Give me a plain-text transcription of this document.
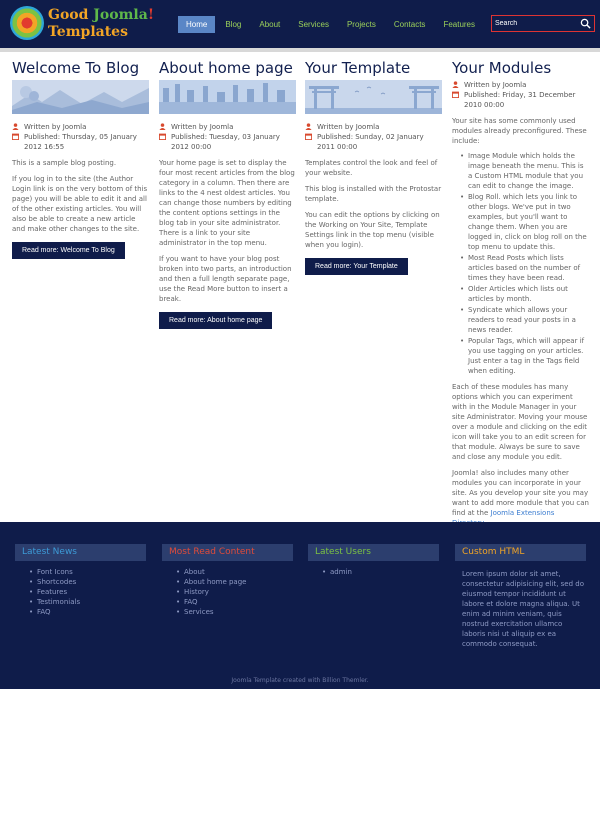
Good Joomla!
Templates	Home	Blog	About	Services	Projects	Contacts	Features
Search
Welcome To Blog
Written by Joomla
Published: Thursday, 05 January 2012 16:55
This is a sample blog posting.
If you log in to the site (the Author Login link is on the very bottom of this page) you will be able to edit it and all of the other existing articles. You will also be able to create a new article and make other changes to the site.
Read more: Welcome To Blog
About home page
Written by Joomla
Published: Tuesday, 03 January 2012 00:00
Your home page is set to display the four most recent articles from the blog category in a column. Then there are links to the 4 nest oldest articles. You can change those numbers by editing the content options settings in the blog tab in your site administrator. There is a link to your site administrator in the top menu.
If you want to have your blog post broken into two parts, an introduction and then a full length separate page, use the Read More button to insert a break.
Read more: About home page
Your Template
Written by Joomla
Published: Sunday, 02 January 2011 00:00
Templates control the look and feel of your website.
This blog is installed with the Protostar template.
You can edit the options by clicking on the Working on Your Site, Template Settings link in the top menu (visible when you login).
Read more: Your Template
Your Modules
Written by Joomla
Published: Friday, 31 December 2010 00:00
Your site has some commonly used modules already preconfigured. These include:
• Image Module which holds the image beneath the menu. This is a Custom HTML module that you can edit to change the image.
• Blog Roll. which lets you link to other blogs. We've put in two examples, but you'll want to change them. When you are logged in, click on blog roll on the top menu to update this.
• Most Read Posts which lists articles based on the number of times they have been read.
• Older Articles which lists out articles by month.
• Syndicate which allows your readers to read your posts in a news reader.
• Popular Tags, which will appear if you use tagging on your articles. Just enter a tag in the Tags field when editing.
Each of these modules has many options which you can experiment with in the Module Manager in your site Administrator. Moving your mouse over a module and clicking on the edit icon will take you to an edit screen for that module. Always be sure to save and close any module you edit.
Joomla! also includes many other modules you can incorporate in your site. As you develop your site you may want to add more module that you can find at the Joomla Extensions
Latest News
• Font Icons
• Shortcodes
• Features
• Testimonials
• FAQ
Most Read Content
• About
• About home page
• History
• FAQ
• Services
Latest Users
• admin
Custom HTML
Lorem ipsum dolor sit amet, consectetur adipisicing elit, sed do eiusmod tempor incididunt ut labore et dolore magna aliqua. Ut enim ad minim veniam, quis nostrud exercitation ullamco laboris nisi ut aliquip ex ea commodo consequat.
Joomla Template created with Billion Themler.
